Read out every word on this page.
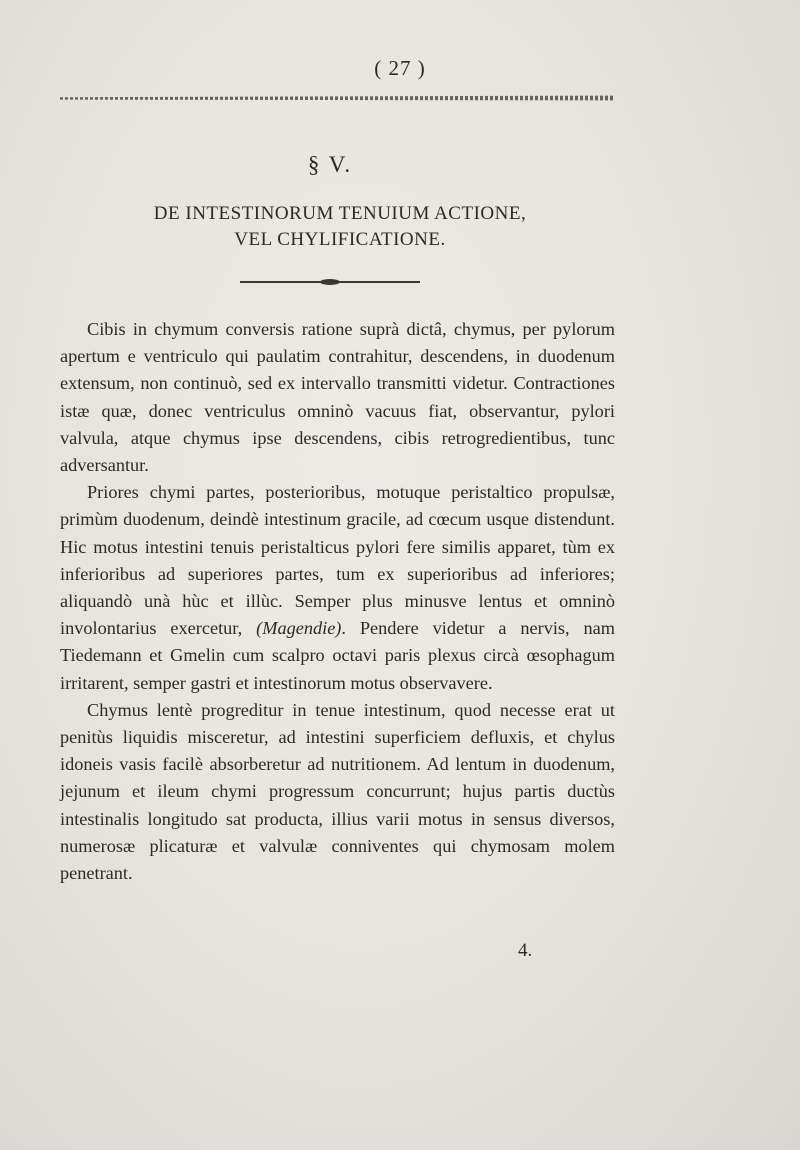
( 27 )
§ V.
DE INTESTINORUM TENUIUM ACTIONE,
VEL CHYLIFICATIONE.

Cibis in chymum conversis ratione suprà dictâ, chymus, per pylorum apertum e ventriculo qui paulatim contrahitur, descendens, in duodenum extensum, non continuò, sed ex intervallo transmitti videtur. Contractiones istæ quæ, donec ventriculus omninò vacuus fiat, observantur, pylori valvula, atque chymus ipse descendens, cibis retrogredientibus, tunc adversantur.

Priores chymi partes, posterioribus, motuque peristaltico propulsæ, primùm duodenum, deindè intestinum gracile, ad cœcum usque distendunt. Hic motus intestini tenuis peristalticus pylori fere similis apparet, tùm ex inferioribus ad superiores partes, tum ex superioribus ad inferiores; aliquandò unà hùc et illùc. Semper plus minusve lentus et omninò involontarius exercetur, (Magendie). Pendere videtur a nervis, nam Tiedemann et Gmelin cum scalpro octavi paris plexus circà œsophagum irritarent, semper gastri et intestinorum motus observavere.

Chymus lentè progreditur in tenue intestinum, quod necesse erat ut penitùs liquidis misceretur, ad intestini superficiem defluxis, et chylus idoneis vasis facilè absorberetur ad nutritionem. Ad lentum in duodenum, jejunum et ileum chymi progressum concurrunt; hujus partis ductùs intestinalis longitudo sat producta, illius varii motus in sensus diversos, numerosæ plicaturæ et valvulæ conniventes qui chymosam molem penetrant.

4.
